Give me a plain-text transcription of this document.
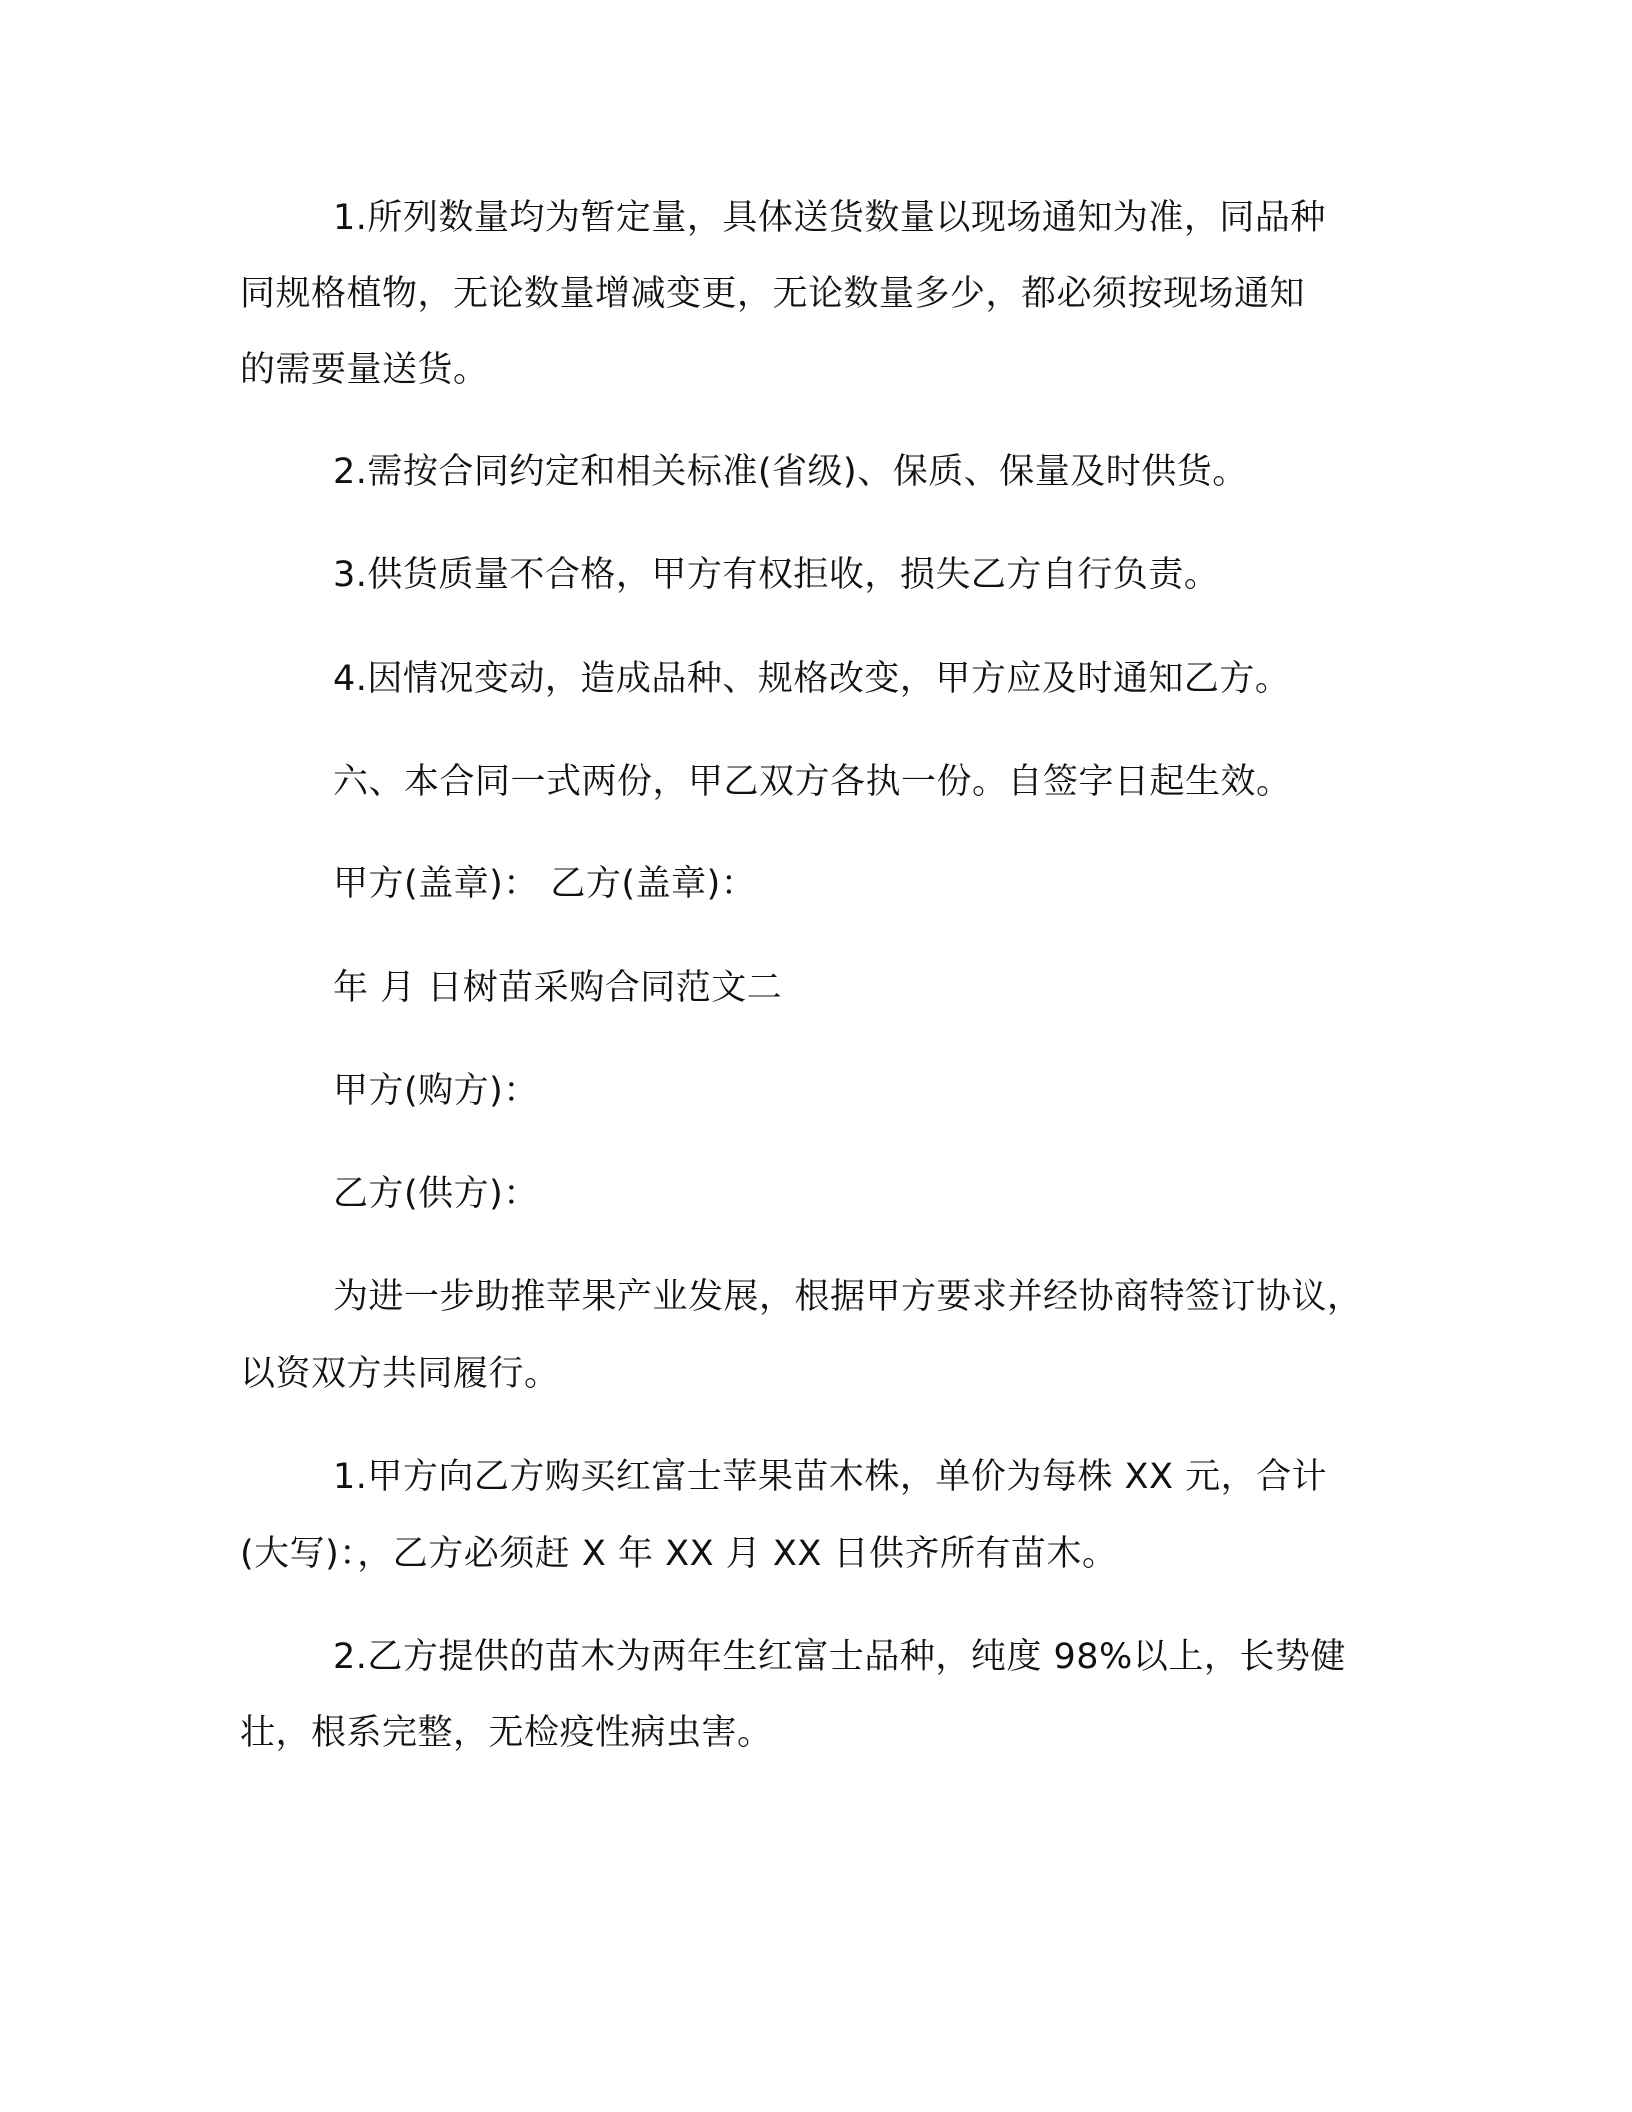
1.所列数量均为暂定量，具体送货数量以现场通知为准，同品种
同规格植物，无论数量增减变更，无论数量多少，都必须按现场通知
的需要量送货。
2.需按合同约定和相关标准(省级)、保质、保量及时供货。
3.供货质量不合格，甲方有权拒收，损失乙方自行负责。
4.因情况变动，造成品种、规格改变，甲方应及时通知乙方。
六、本合同一式两份，甲乙双方各执一份。自签字日起生效。
甲方(盖章)： 乙方(盖章)：
年 月 日树苗采购合同范文二
甲方(购方)：
乙方(供方)：
为进一步助推苹果产业发展，根据甲方要求并经协商特签订协议，
以资双方共同履行。
1.甲方向乙方购买红富士苹果苗木株，单价为每株 XX 元，合计
(大写)：，乙方必须赶 X 年 XX 月 XX 日供齐所有苗木。
2.乙方提供的苗木为两年生红富士品种，纯度 98%以上，长势健
壮，根系完整，无检疫性病虫害。
